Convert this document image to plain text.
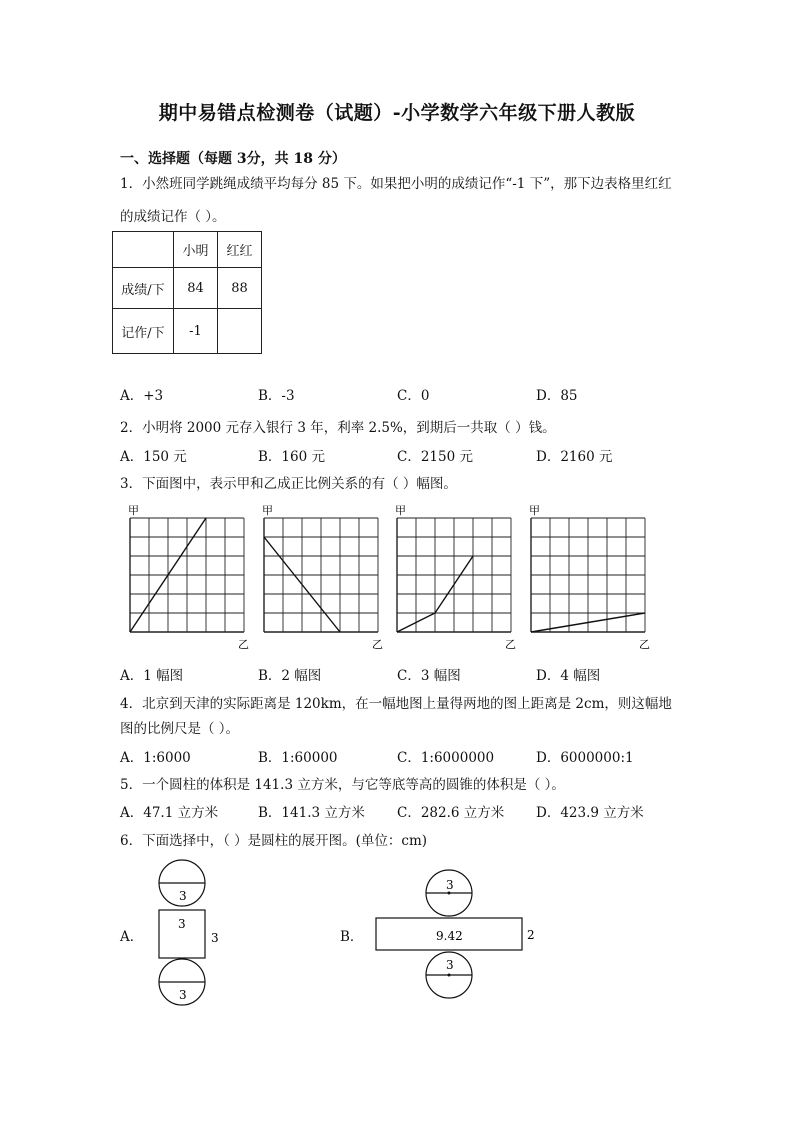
期中易错点检测卷（试题）-小学数学六年级下册人教版
一、选择题（每题 3分，共 18 分）
1．小然班同学跳绳成绩平均每分 85 下。如果把小明的成绩记作“-1 下”，那下边表格里红红
的成绩记作（ ）。
	小明	红红
成绩/下	84	88
记作/下	-1	
A．+3	B．-3	C．0	D．85
2．小明将 2000 元存入银行 3 年，利率 2.5%，到期后一共取（ ）钱。
A．150 元	B．160 元	C．2150 元	D．2160 元
3．下面图中，表示甲和乙成正比例关系的有（ ）幅图。
甲
乙
甲
乙
甲
乙
甲
乙
A．1 幅图	B．2 幅图	C．3 幅图	D．4 幅图
4．北京到天津的实际距离是 120km，在一幅地图上量得两地的图上距离是 2cm，则这幅地
图的比例尺是（ ）。
A．1:6000	B．1:60000	C．1:6000000	D．6000000:1
5．一个圆柱的体积是 141.3 立方米，与它等底等高的圆锥的体积是（ ）。
A．47.1 立方米	B．141.3 立方米 C．282.6 立方米 D．423.9 立方米
6．下面选择中，（ ）是圆柱的展开图。(单位：cm)
A．
3
3
3
3
B．
3
9.42	2
3
